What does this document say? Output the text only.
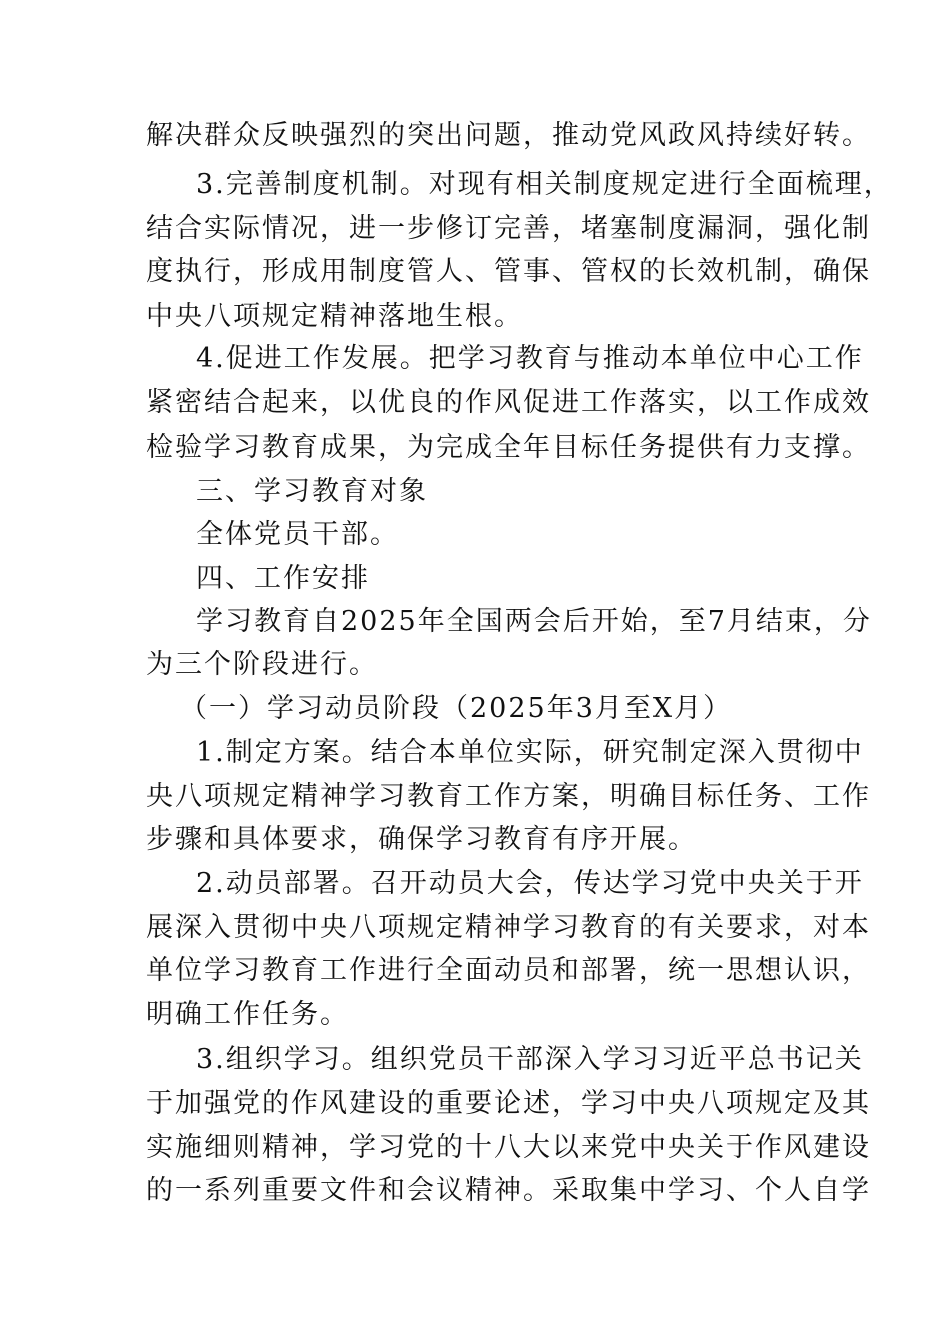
解决群众反映强烈的突出问题，推动党风政风持续好转。
3.完善制度机制。对现有相关制度规定进行全面梳理，
结合实际情况，进一步修订完善，堵塞制度漏洞，强化制
度执行，形成用制度管人、管事、管权的长效机制，确保
中央八项规定精神落地生根。
4.促进工作发展。把学习教育与推动本单位中心工作
紧密结合起来，以优良的作风促进工作落实，以工作成效
检验学习教育成果，为完成全年目标任务提供有力支撑。
三、学习教育对象
全体党员干部。
四、工作安排
学习教育自2025年全国两会后开始，至7月结束，分
为三个阶段进行。
（一）学习动员阶段（2025年3月至X月）
1.制定方案。结合本单位实际，研究制定深入贯彻中
央八项规定精神学习教育工作方案，明确目标任务、工作
步骤和具体要求，确保学习教育有序开展。
2.动员部署。召开动员大会，传达学习党中央关于开
展深入贯彻中央八项规定精神学习教育的有关要求，对本
单位学习教育工作进行全面动员和部署，统一思想认识，
明确工作任务。
3.组织学习。组织党员干部深入学习习近平总书记关
于加强党的作风建设的重要论述，学习中央八项规定及其
实施细则精神，学习党的十八大以来党中央关于作风建设
的一系列重要文件和会议精神。采取集中学习、个人自学
